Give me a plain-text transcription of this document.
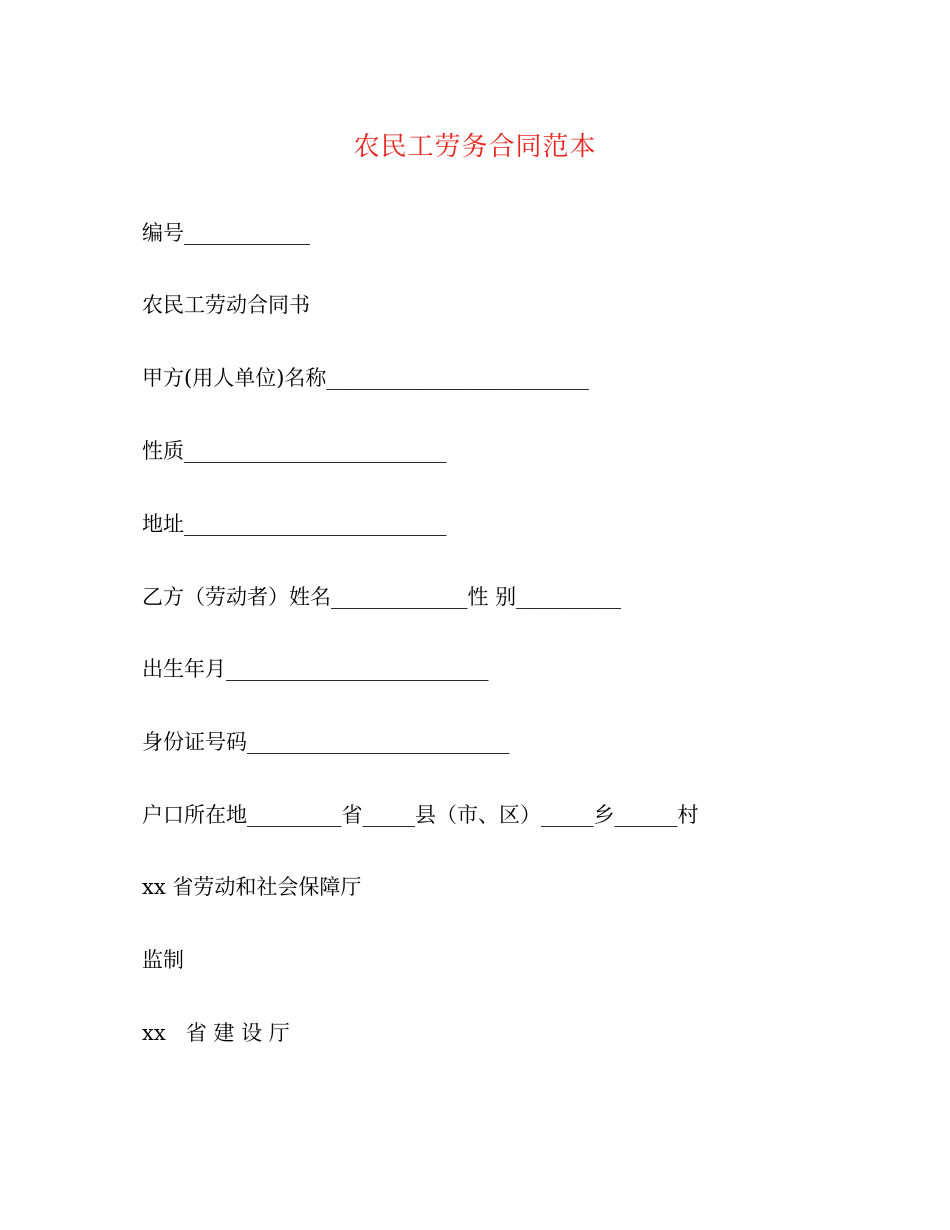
农民工劳务合同范本
编号____________
农民工劳动合同书
甲方(用人单位)名称_________________________
性质_________________________
地址_________________________
乙方（劳动者）姓名_____________性 别__________
出生年月_________________________
身份证号码_________________________
户口所在地_________省_____县（市、区）_____乡______村
xx 省劳动和社会保障厅
监制
xx   省 建 设 厅
